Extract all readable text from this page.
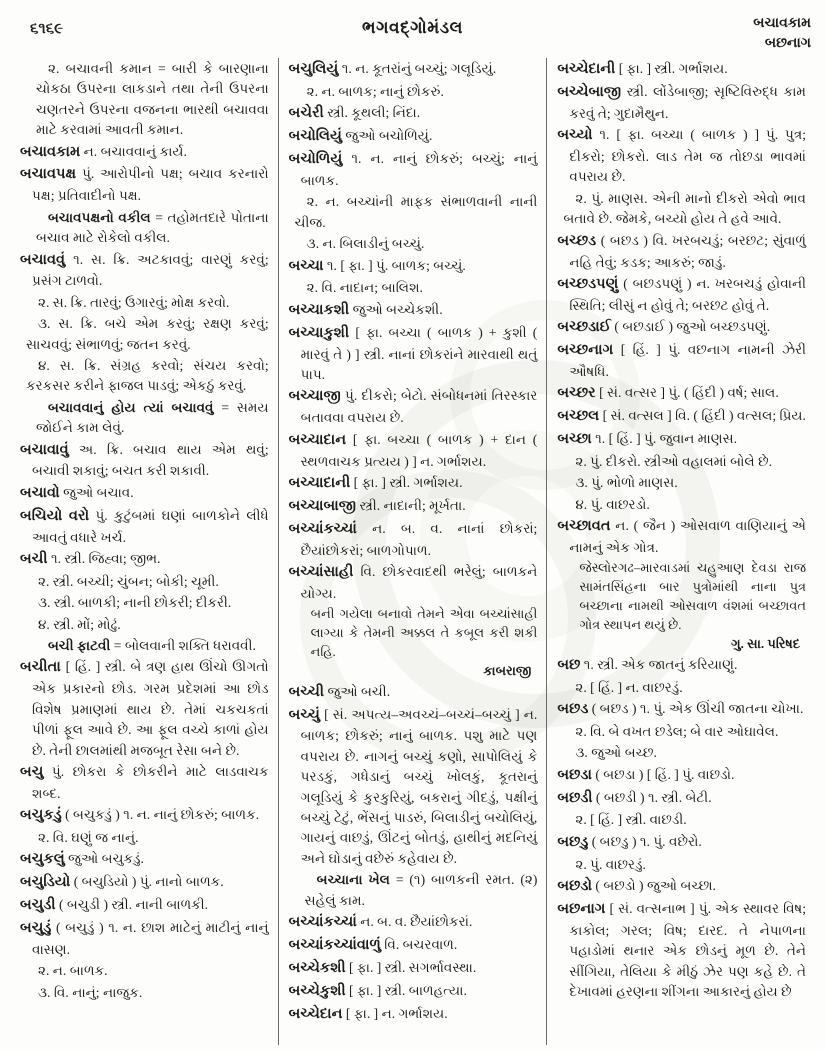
૬૧૬૯	ભગવદ્ગોમંડલ	બચાવકામ
બછનાગ
૨. બચાવની કમાન = બારી કે બારણાના ચોકઠા ઉપરના લાકડાને તથા તેની ઉપરના ચણતરને ઉપરના વજનના ભારથી બચાવવા માટે કરવામાં આવતી કમાન.
બચાવકામ ન. બચાવવાનું કાર્ય.
બચાવપક્ષ પું. આરોપીનો પક્ષ; બચાવ કરનારો પક્ષ; પ્રતિવાદીનો પક્ષ.
બચાવપક્ષનો વકીલ = તહોમતદારે પોતાના બચાવ માટે રોકેલો વકીલ.
બચાવવું ૧. સ. ક્રિ. અટકાવવું; વારણું કરવું; પ્રસંગ ટાળવો.
૨. સ. ક્રિ. તારવું; ઉગારવું; મોક્ષ કરવો.
૩. સ. ક્રિ. બચે એમ કરવું; રક્ષણ કરવું; સાચવવું; સંભાળવું; જતન કરવું.
૪. સ. ક્રિ. સંગ્રહ કરવો; સંચય કરવો; કરકસર કરીને ફાજલ પાડવું; એકઠું કરવું.
બચાવવાનું હોય ત્યાં બચાવવું = સમય જોઈને કામ લેવું.
બચાવાવું અ. ક્રિ. બચાવ થાય એમ થવું; બચાવી શકાવું; બચત કરી શકાવી.
બચાવો જુઓ બચાવ.
બચિયો વરો પું. કુટુંબમાં ઘણાં બાળકોને લીધે આવતું વધારે ખર્ચ.
બચી ૧. સ્ત્રી. જિહ્વા; જીભ.
૨. સ્ત્રી. બચ્ચી; ચુંબન; બોકી; ચૂમી.
૩. સ્ત્રી. બાળકી; નાની છોકરી; દીકરી.
૪. સ્ત્રી. મોં; મોઢું.
બચી ફાટવી = બોલવાની શક્તિ ધરાવવી.
બચીતા [ હિં. ] સ્ત્રી. બે ત્રણ હાથ ઊંચો ઊગતો એક પ્રકારનો છોડ. ગરમ પ્રદેશમાં આ છોડ વિશેષ પ્રમાણમાં થાય છે. તેમાં ચકચકતાં પીળાં ફૂલ આવે છે. આ ફૂલ વચ્ચે કાળાં હોય છે. તેની છાલમાંથી મજબૂત રેસા બને છે.
બચુ પું. છોકરા કે છોકરીને માટે લાડવાચક શબ્દ.
બચુકડું ( બચુકડું ) ૧. ન. નાનું છોકરું; બાળક.
૨. વિ. ઘણું જ નાનું.
બચુકલું જુઓ બચુકડું.
બચુડિયો ( બચુડિયો ) પું. નાનો બાળક.
બચુડી ( બચુડી ) સ્ત્રી. નાની બાળકી.
બચુડું ( બચુડું ) ૧. ન. છાશ માટેનું માટીનું નાનું વાસણ.
૨. ન. બાળક.
૩. વિ. નાનું; નાજુક.
બચુલિયું ૧. ન. કૂતરાંનું બચ્ચું; ગલૂડિયું.
૨. ન. બાળક; નાનું છોકરું.
બચેરી સ્ત્રી. કૂથલી; નિંદા.
બચોલિયું જુઓ બચોળિયું.
બચોળિયું ૧. ન. નાનું છોકરું; બચ્ચું; નાનું બાળક.
૨. ન. બચ્ચાંની માફક સંભાળવાની નાની ચીજ.
૩. ન. બિલાડીનું બચ્ચું.
બચ્ચા ૧. [ ફા. ] પું. બાળક; બચ્ચું.
૨. વિ. નાદાન; બાલિશ.
બચ્ચાકશી જુઓ બચ્ચેકશી.
બચ્ચાકુશી [ ફા. બચ્ચા ( બાળક ) + કુશી ( મારવું તે ) ] સ્ત્રી. નાનાં છોકરાંને મારવાથી થતું પાપ.
બચ્ચાજી પું. દીકરો; બેટો. સંબોધનમાં તિરસ્કાર બતાવવા વપરાય છે.
બચ્ચાદાન [ ફા. બચ્ચા ( બાળક ) + દાન ( સ્થળવાચક પ્રત્યય ) ] ન. ગર્ભાશય.
બચ્ચાદાની [ ફા. ] સ્ત્રી. ગર્ભાશય.
બચ્ચાબાજી સ્ત્રી. નાદાની; મૂર્ખતા.
બચ્ચાંકચ્ચાં ન. બ. વ. નાનાં છોકરાં; છૈયાંછોકરાં; બાળગોપાળ.
બચ્ચાંસાહી વિ. છોકરવાદથી ભરેલું; બાળકને યોગ્ય.
બની ગયેલા બનાવો તેમને એવા બચ્ચાંસાહી લાગ્યા કે તેમની અક્કલ તે કબૂલ કરી શકી નહિ.
કાબરાજી
બચ્ચી જુઓ બચી.
બચ્ચું [ સં. અપત્ય–અવચ્ચં–બચ્ચં–બચ્ચું ] ન. બાળક; છોકરું; નાનું બાળક. પશુ માટે પણ વપરાય છે. નાગનું બચ્ચું કણો, સાપોલિયું કે પરડકું, ગધેડાનું બચ્ચું ખોલકું, કૂતરાનું ગલૂડિયું કે કુરકુરિયું, બકરાનું ગીદડું, પક્ષીનું બચ્ચું ટેટું, ભેંસનું પાડરું, બિલાડીનું બચોલિયું, ગાયનું વાછડું, ઊંટનું બોતડું, હાથીનું મદનિયું અને ઘોડાનું વછેરું કહેવાય છે.
બચ્ચાના ખેલ = (૧) બાળકની રમત. (૨) સહેલું કામ.
બચ્ચાંકચ્ચાં ન. બ. વ. છૈયાંછોકરાં.
બચ્ચાંકચ્ચાંવાળું વિ. બચરવાળ.
બચ્ચેકશી [ ફા. ] સ્ત્રી. સગર્ભાવસ્થા.
બચ્ચેકુશી [ ફા. ] સ્ત્રી. બાળહત્યા.
બચ્ચેદાન [ ફા. ] ન. ગર્ભાશય.
બચ્ચેદાની [ ફા. ] સ્ત્રી. ગર્ભાશય.
બચ્ચેબાજી સ્ત્રી. લોંડેબાજી; સૃષ્ટિવિરુદ્ધ કામ કરવું તે; ગુદામૈથુન.
બચ્યો ૧. [ ફા. બચ્ચા ( બાળક ) ] પું. પુત્ર; દીકરો; છોકરો. લાડ તેમ જ તોછડા ભાવમાં વપરાય છે.
૨. પું. માણસ. એની માનો દીકરો એવો ભાવ બતાવે છે. જેમકે, બચ્યો હોય તે હવે આવે.
બચ્છડ ( બછડ ) વિ. ખરબચડું; બરછટ; સુંવાળું નહિ તેવું; કડક; આકરું; જાડું.
બચ્છડપણું ( બછડપણું ) ન. ખરબચડું હોવાની સ્થિતિ; લીસું ન હોવું તે; બરછટ હોવું તે.
બચ્છડાઈ ( બછડાઈ ) જુઓ બચ્છડપણું.
બચ્છનાગ [ હિં. ] પું. વછનાગ નામની ઝેરી ઔષધિ.
બચ્છર [ સં. વત્સર ] પું. ( હિંદી ) વર્ષ; સાલ.
બચ્છલ [ સં. વત્સલ ] વિ. ( હિંદી ) વત્સલ; પ્રિય.
બચ્છા ૧. [ હિં. ] પું. જુવાન માણસ.
૨. પું. દીકરો. સ્ત્રીઓ વહાલમાં બોલે છે.
૩. પું. ભોળો માણસ.
૪. પું. વાછરડો.
બચ્છાવત ન. ( જૈન ) ઓસવાળ વાણિયાનું એ નામનું એક ગોત્ર.
જેસ્લોરગઢ–મારવાડમાં ચહુઆણ દેવડા રાજ સામંતસિંહના બાર પુત્રોમાંથી નાના પુત્ર બચ્છાના નામથી ઓસવાળ વંશમાં બચ્છાવત ગોત્ર સ્થાપન થયું છે.
ગુ. સા. પરિષદ
બછ ૧. સ્ત્રી. એક જાતનું કરિયાણું.
૨. [ હિં. ] ન. વાછરડું.
બછડ ( બછડ ) ૧. પું. એક ઊંચી જાતના ચોખા.
૨. વિ. બે વખત છડેલ; બે વાર ઓઘાવેલ.
૩. જુઓ બચ્છ.
બછડા ( બછડા ) [ હિં. ] પું. વાછડો.
બછડી ( બછડી ) ૧. સ્ત્રી. બેટી.
૨. [ હિં. ] સ્ત્રી. વાછડી.
બછડુ ( બછડુ ) ૧. પું. વછેરો.
૨. પું. વાછરડું.
બછડો ( બછડો ) જુઓ બચ્છા.
બછનાગ [ સં. વત્સનાભ ] પું. એક સ્થાવર વિષ; કાકોલ; ગરલ; વિષ; દારદ. તે નેપાળના પહાડોમાં થનાર એક છોડનું મૂળ છે. તેને સીંગિયા, તેલિયા કે મીઠું ઝેર પણ કહે છે. તે દેખાવમાં હરણના શીંગના આકારનું હોય છે
